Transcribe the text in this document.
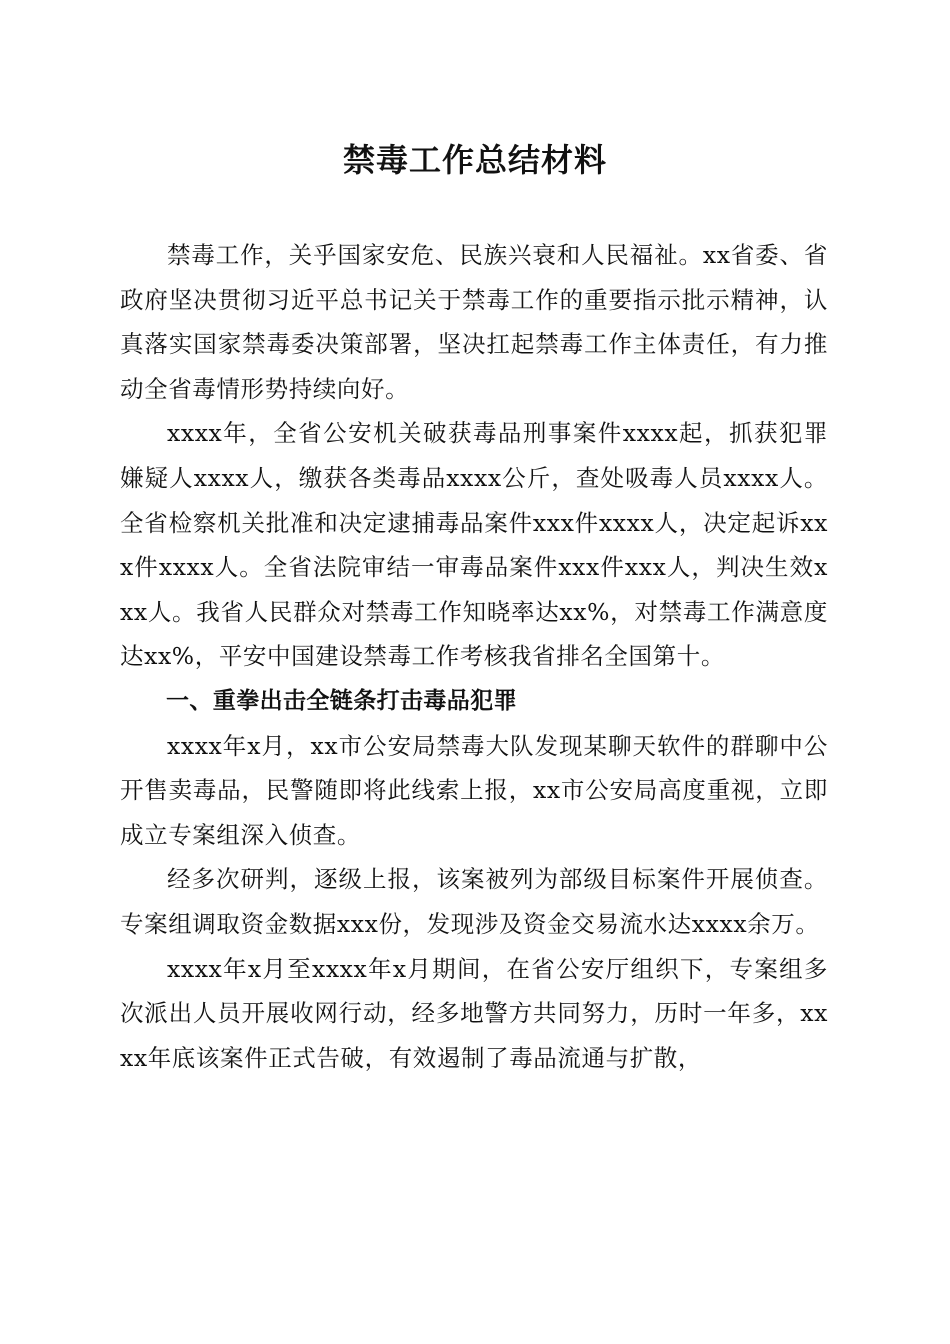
禁毒工作总结材料

禁毒工作，关乎国家安危、民族兴衰和人民福祉。xx省委、省政府坚决贯彻习近平总书记关于禁毒工作的重要指示批示精神，认真落实国家禁毒委决策部署，坚决扛起禁毒工作主体责任，有力推动全省毒情形势持续向好。

xxxx年，全省公安机关破获毒品刑事案件xxxx起，抓获犯罪嫌疑人xxxx人，缴获各类毒品xxxx公斤，查处吸毒人员xxxx人。全省检察机关批准和决定逮捕毒品案件xxx件xxxx人，决定起诉xxx件xxxx人。全省法院审结一审毒品案件xxx件xxx人，判决生效xxx人。我省人民群众对禁毒工作知晓率达xx%，对禁毒工作满意度达xx%，平安中国建设禁毒工作考核我省排名全国第十。

一、重拳出击全链条打击毒品犯罪

xxxx年x月，xx市公安局禁毒大队发现某聊天软件的群聊中公开售卖毒品，民警随即将此线索上报，xx市公安局高度重视，立即成立专案组深入侦查。

经多次研判，逐级上报，该案被列为部级目标案件开展侦查。专案组调取资金数据xxx份，发现涉及资金交易流水达xxxx余万。

xxxx年x月至xxxx年x月期间，在省公安厅组织下，专案组多次派出人员开展收网行动，经多地警方共同努力，历时一年多，xxxx年底该案件正式告破，有效遏制了毒品流通与扩散，
